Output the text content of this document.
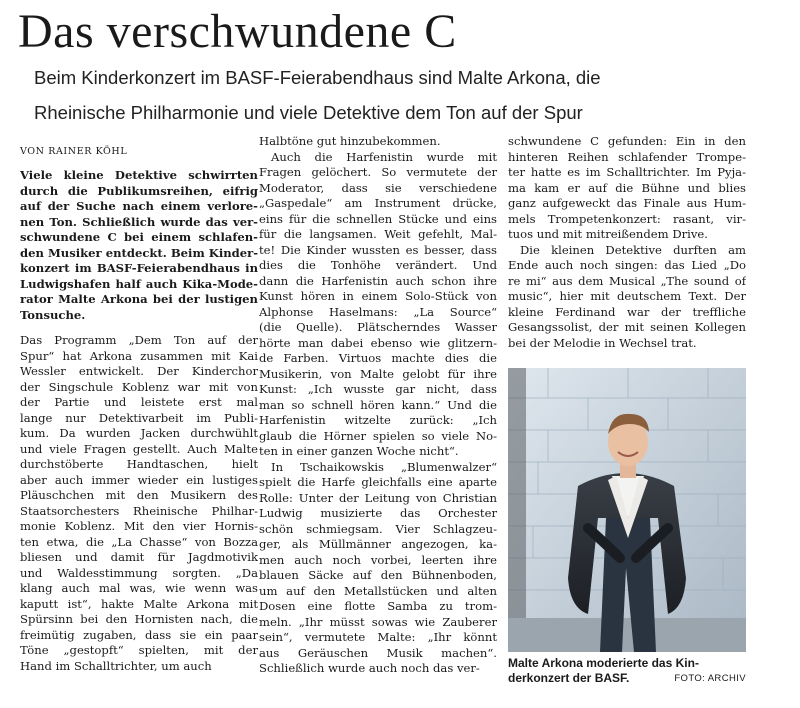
Das verschwundene C

Beim Kinderkonzert im BASF-Feierabendhaus sind Malte Arkona, die

Rheinische Philharmonie und viele Detektive dem Ton auf der Spur

VON RAINER KÖHL
Viele kleine Detektive schwirrten
durch die Publikumsreihen, eifrig
auf der Suche nach einem verlore-
nen Ton. Schließlich wurde das ver-
schwundene C bei einem schlafen-
den Musiker entdeckt. Beim Kinder-
konzert im BASF-Feierabendhaus in
Ludwigshafen half auch Kika-Mode-
rator Malte Arkona bei der lustigen
Tonsuche.
Das Programm „Dem Ton auf der
Spur“ hat Arkona zusammen mit Kai
Wessler entwickelt. Der Kinderchor
der Singschule Koblenz war mit von
der Partie und leistete erst mal
lange nur Detektivarbeit im Publi-
kum. Da wurden Jacken durchwühlt
und viele Fragen gestellt. Auch Malte
durchstöberte Handtaschen, hielt
aber auch immer wieder ein lustiges
Pläuschchen mit den Musikern des
Staatsorchesters Rheinische Philhar-
monie Koblenz. Mit den vier Hornis-
ten etwa, die „La Chasse“ von Bozza
bliesen und damit für Jagdmotivik
und Waldesstimmung sorgten. „Da
klang auch mal was, wie wenn was
kaputt ist“, hakte Malte Arkona mit
Spürsinn bei den Hornisten nach, die
freimütig zugaben, dass sie ein paar
Töne „gestopft“ spielten, mit der
Hand im Schalltrichter, um auch
Halbtöne gut hinzubekommen.
Auch die Harfenistin wurde mit
Fragen gelöchert. So vermutete der
Moderator, dass sie verschiedene
„Gaspedale“ am Instrument drücke,
eins für die schnellen Stücke und eins
für die langsamen. Weit gefehlt, Mal-
te! Die Kinder wussten es besser, dass
dies die Tonhöhe verändert. Und
dann die Harfenistin auch schon ihre
Kunst hören in einem Solo-Stück von
Alphonse Haselmans: „La Source“
(die Quelle). Plätscherndes Wasser
hörte man dabei ebenso wie glitzern-
de Farben. Virtuos machte dies die
Musikerin, von Malte gelobt für ihre
Kunst: „Ich wusste gar nicht, dass
man so schnell hören kann.“ Und die
Harfenistin witzelte zurück: „Ich
glaub die Hörner spielen so viele No-
ten in einer ganzen Woche nicht“.
In Tschaikowskis „Blumenwalzer“
spielt die Harfe gleichfalls eine aparte
Rolle: Unter der Leitung von Christian
Ludwig musizierte das Orchester
schön schmiegsam. Vier Schlagzeu-
ger, als Müllmänner angezogen, ka-
men auch noch vorbei, leerten ihre
blauen Säcke auf den Bühnenboden,
um auf den Metallstücken und alten
Dosen eine flotte Samba zu trom-
meln. „Ihr müsst sowas wie Zauberer
sein“, vermutete Malte: „Ihr könnt
aus Geräuschen Musik machen“.
Schließlich wurde auch noch das ver-
schwundene C gefunden: Ein in den
hinteren Reihen schlafender Trompe-
ter hatte es im Schalltrichter. Im Pyja-
ma kam er auf die Bühne und blies
ganz aufgeweckt das Finale aus Hum-
mels Trompetenkonzert: rasant, vir-
tuos und mit mitreißendem Drive.
Die kleinen Detektive durften am
Ende auch noch singen: das Lied „Do
re mi“ aus dem Musical „The sound of
music“, hier mit deutschem Text. Der
kleine Ferdinand war der treffliche
Gesangssolist, der mit seinen Kollegen
bei der Melodie in Wechsel trat.
Malte Arkona moderierte das Kin-
derkonzert der BASF.	FOTO: ARCHIV
